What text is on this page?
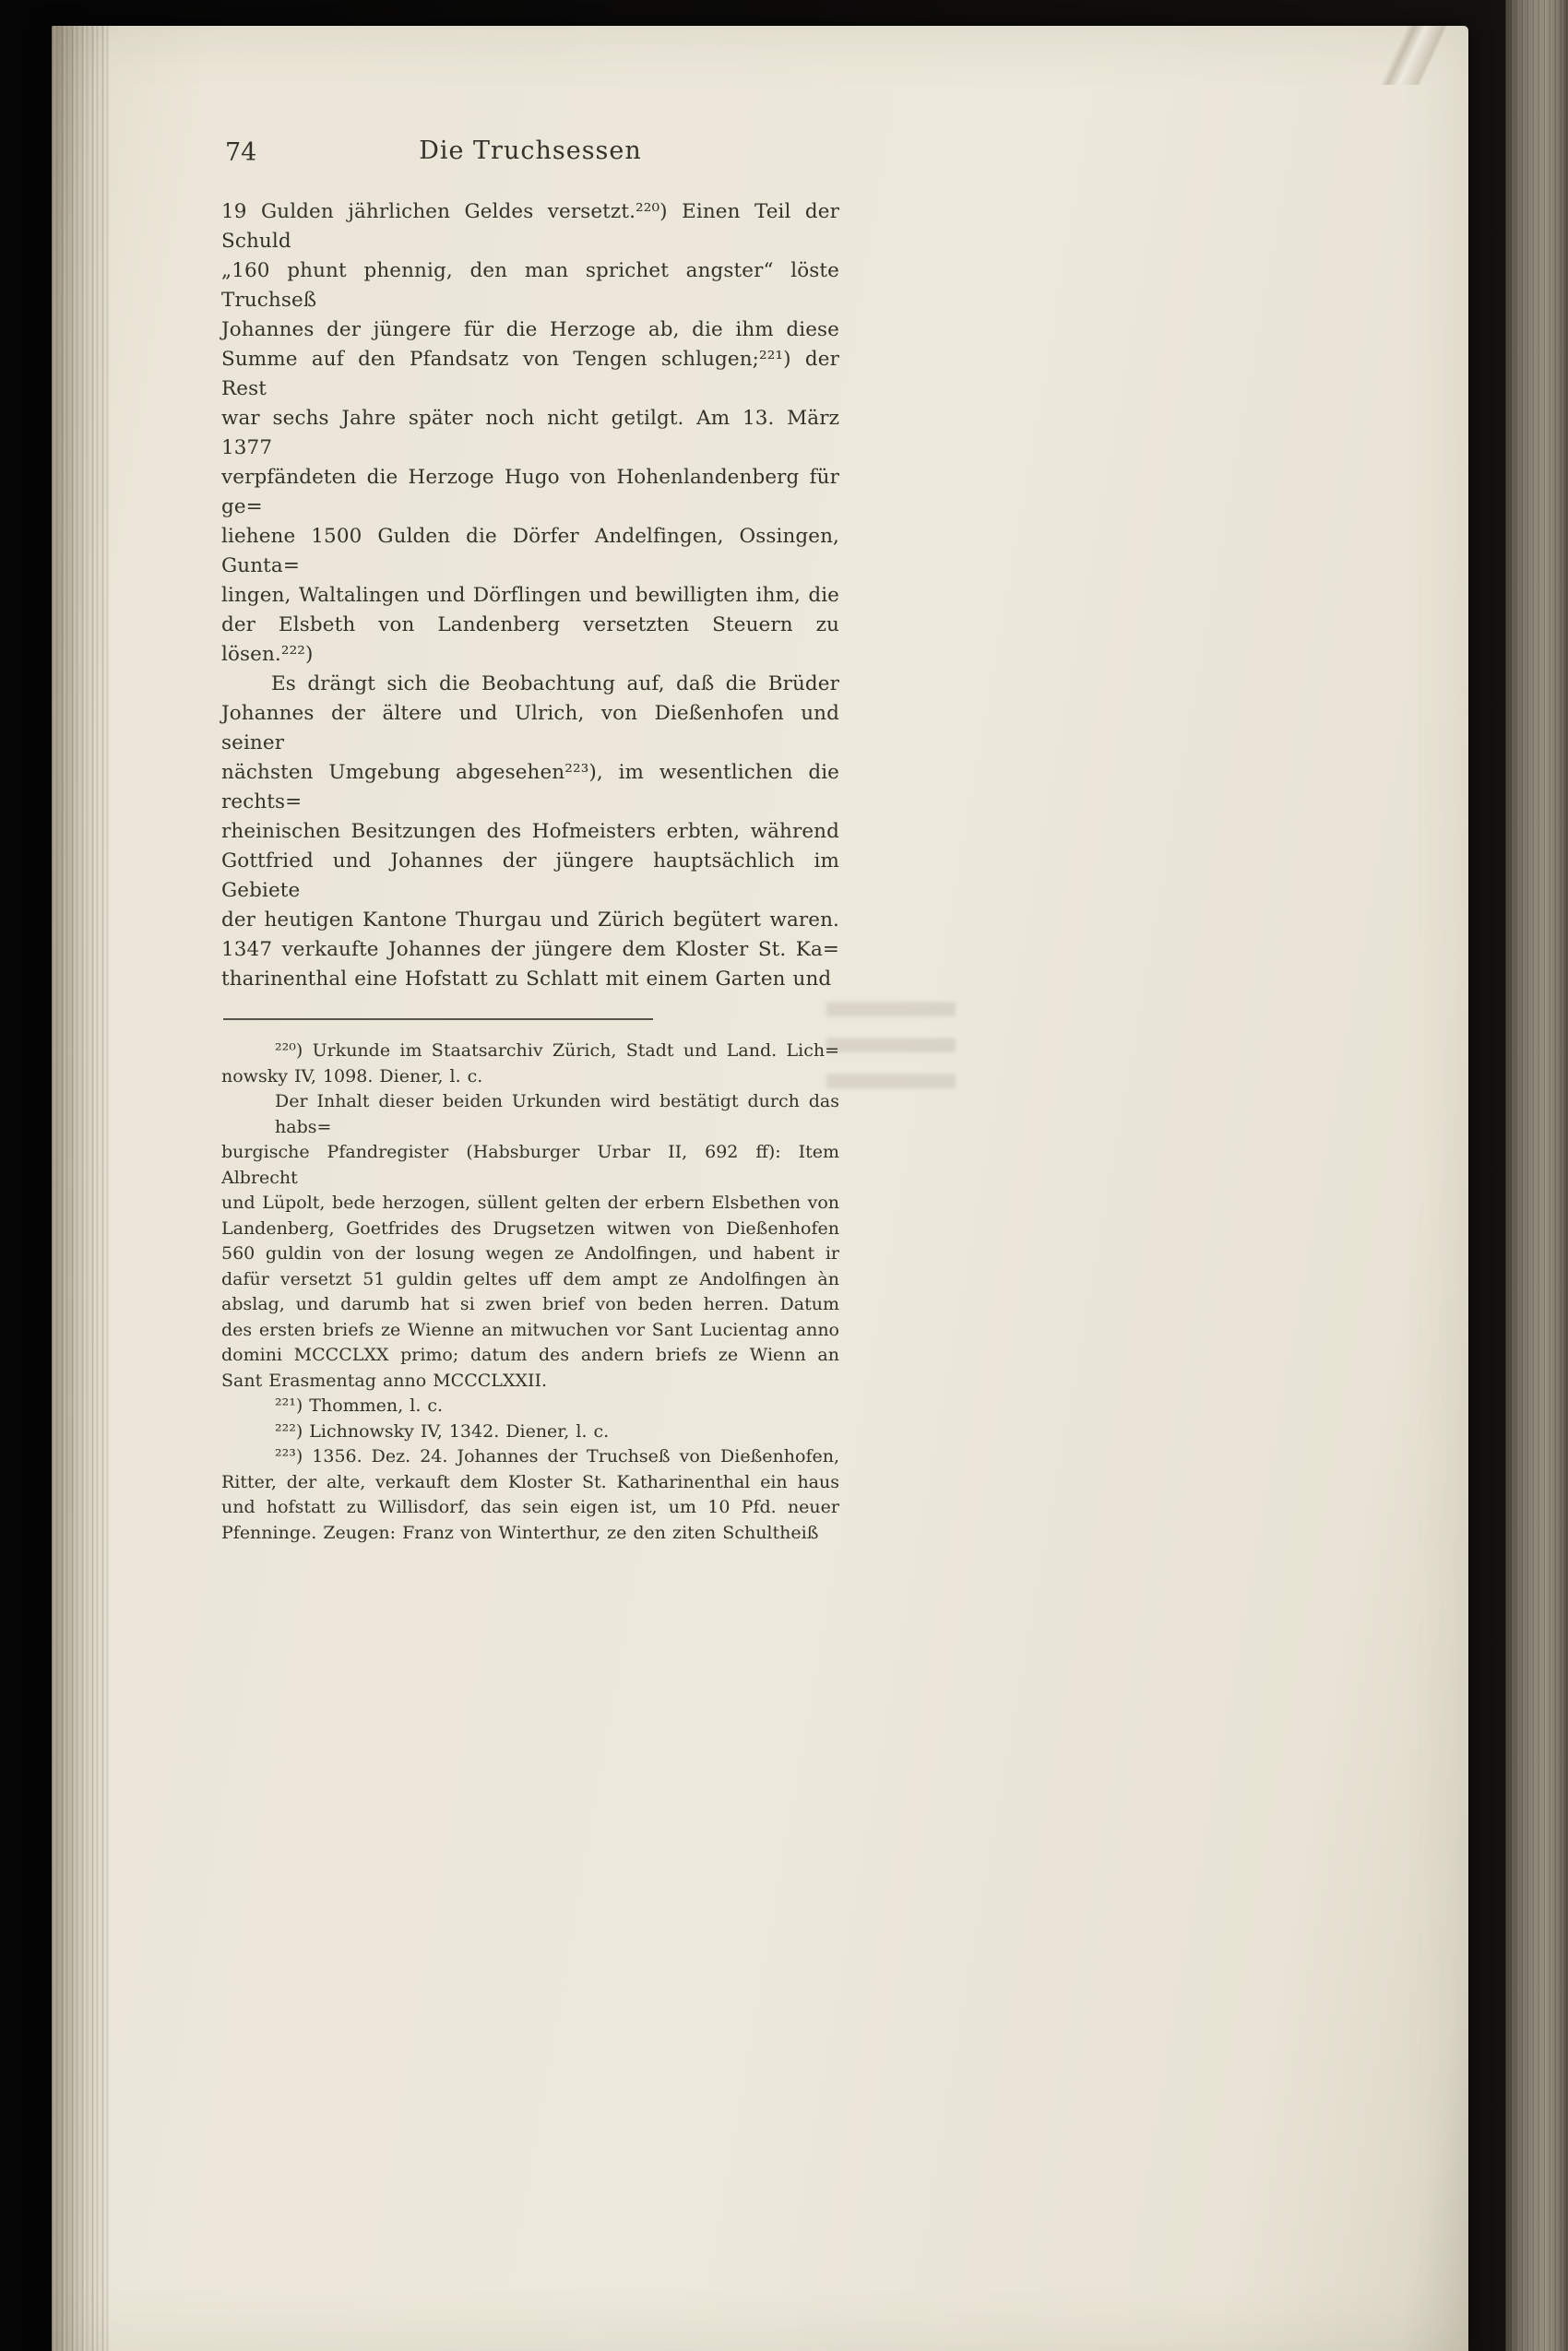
74	Die Truchsessen
19 Gulden jährlichen Geldes versetzt.²²⁰) Einen Teil der Schuld
„160 phunt phennig, den man sprichet angster“ löste Truchseß
Johannes der jüngere für die Herzoge ab, die ihm diese
Summe auf den Pfandsatz von Tengen schlugen;²²¹) der Rest
war sechs Jahre später noch nicht getilgt. Am 13. März 1377
verpfändeten die Herzoge Hugo von Hohenlandenberg für ge=
liehene 1500 Gulden die Dörfer Andelfingen, Ossingen, Gunta=
lingen, Waltalingen und Dörflingen und bewilligten ihm, die
der Elsbeth von Landenberg versetzten Steuern zu lösen.²²²)
Es drängt sich die Beobachtung auf, daß die Brüder
Johannes der ältere und Ulrich, von Dießenhofen und seiner
nächsten Umgebung abgesehen²²³), im wesentlichen die rechts=
rheinischen Besitzungen des Hofmeisters erbten, während
Gottfried und Johannes der jüngere hauptsächlich im Gebiete
der heutigen Kantone Thurgau und Zürich begütert waren.
1347 verkaufte Johannes der jüngere dem Kloster St. Ka=
tharinenthal eine Hofstatt zu Schlatt mit einem Garten und
²²⁰) Urkunde im Staatsarchiv Zürich, Stadt und Land. Lich=
nowsky IV, 1098. Diener, l. c.
Der Inhalt dieser beiden Urkunden wird bestätigt durch das habs=
burgische Pfandregister (Habsburger Urbar II, 692 ff): Item Albrecht
und Lüpolt, bede herzogen, süllent gelten der erbern Elsbethen von
Landenberg, Goetfrides des Drugsetzen witwen von Dießenhofen
560 guldin von der losung wegen ze Andolfingen, und habent ir
dafür versetzt 51 guldin geltes uff dem ampt ze Andolfingen àn
abslag, und darumb hat si zwen brief von beden herren. Datum
des ersten briefs ze Wienne an mitwuchen vor Sant Lucientag anno
domini MCCCLXX primo; datum des andern briefs ze Wienn an
Sant Erasmentag anno MCCCLXXII.
²²¹) Thommen, l. c.
²²²) Lichnowsky IV, 1342. Diener, l. c.
²²³) 1356. Dez. 24. Johannes der Truchseß von Dießenhofen,
Ritter, der alte, verkauft dem Kloster St. Katharinenthal ein haus
und hofstatt zu Willisdorf, das sein eigen ist, um 10 Pfd. neuer
Pfenninge. Zeugen: Franz von Winterthur, ze den ziten Schultheiß
